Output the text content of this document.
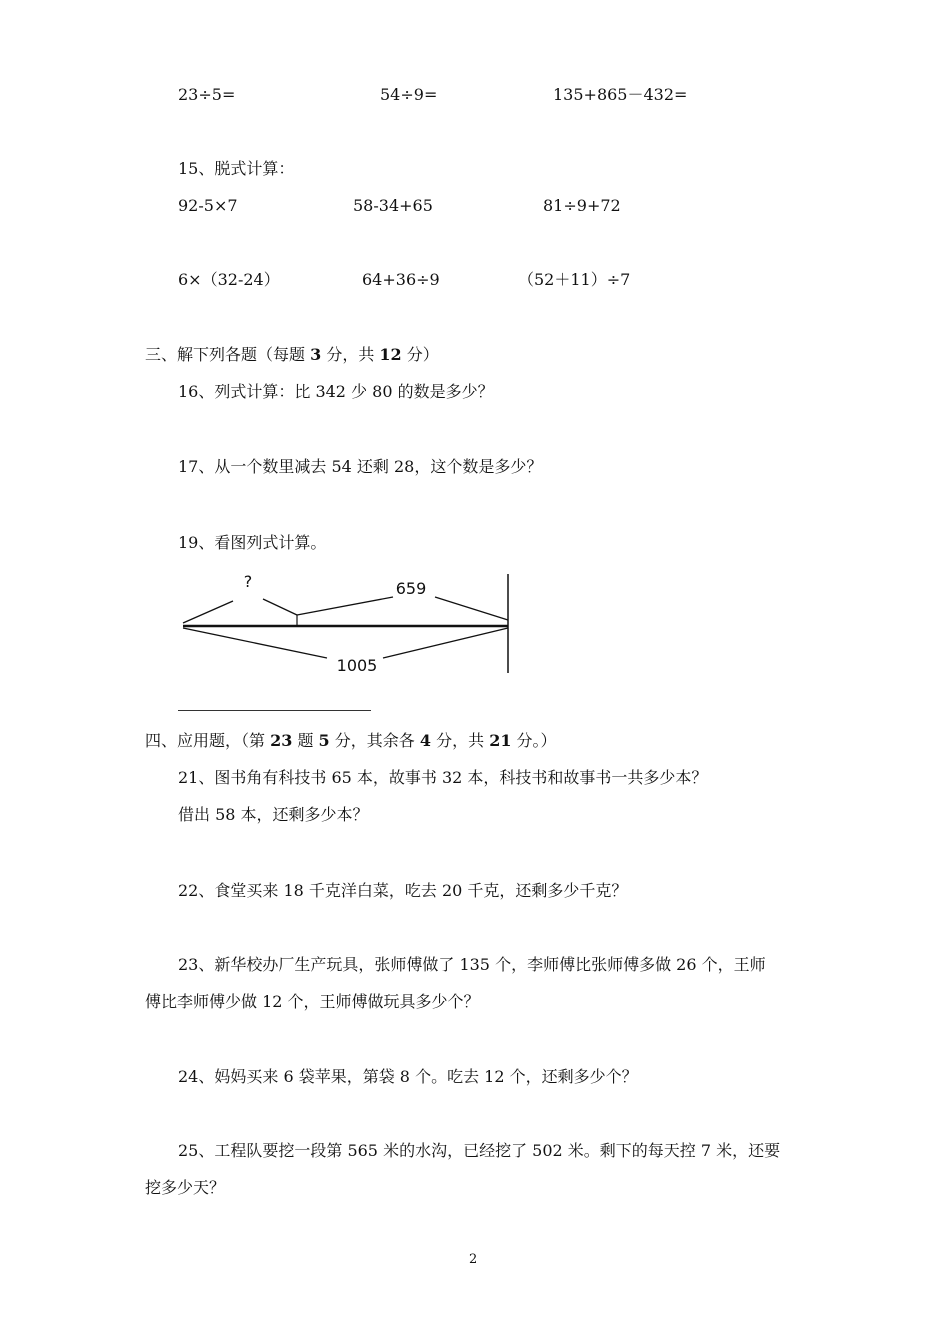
23÷5=	54÷9=	135+865－432=
15、脱式计算：
92-5×7	58-34+65	81÷9+72
6×（32-24）	64+36÷9	（52＋11）÷7
三、解下列各题（每题 3 分，共 12 分）
16、列式计算：比 342 少 80 的数是多少？
17、从一个数里减去 54 还剩 28，这个数是多少？
19、看图列式计算。
?	659
1005
四、应用题，（第 23 题 5 分，其余各 4 分，共 21 分。）
21、图书角有科技书 65 本，故事书 32 本，科技书和故事书一共多少本？
借出 58 本，还剩多少本？
22、食堂买来 18 千克洋白菜，吃去 20 千克，还剩多少千克？
23、新华校办厂生产玩具，张师傅做了 135 个，李师傅比张师傅多做 26 个，王师
傅比李师傅少做 12 个，王师傅做玩具多少个？
24、妈妈买来 6 袋苹果，第袋 8 个。吃去 12 个，还剩多少个？
25、工程队要挖一段第 565 米的水沟，已经挖了 502 米。剩下的每天控 7 米，还要
挖多少天？
2
